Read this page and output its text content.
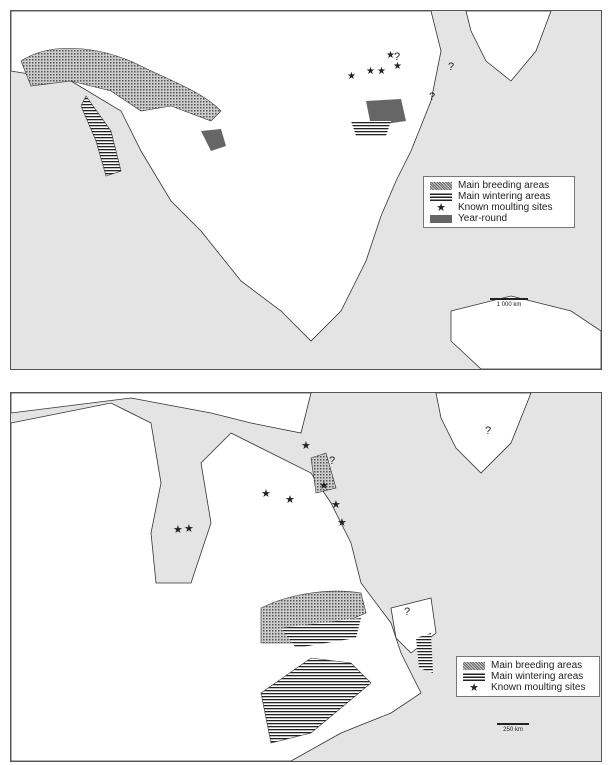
★ ★
★
★
★
?
?
?
Main breeding areas
Main wintering areas
★	Known moulting sites
Year-round
1 000 km
★
★ ★
★
★
★
★ ★
?
?
?
Main breeding areas
Main wintering areas
★	Known moulting sites
250 km
